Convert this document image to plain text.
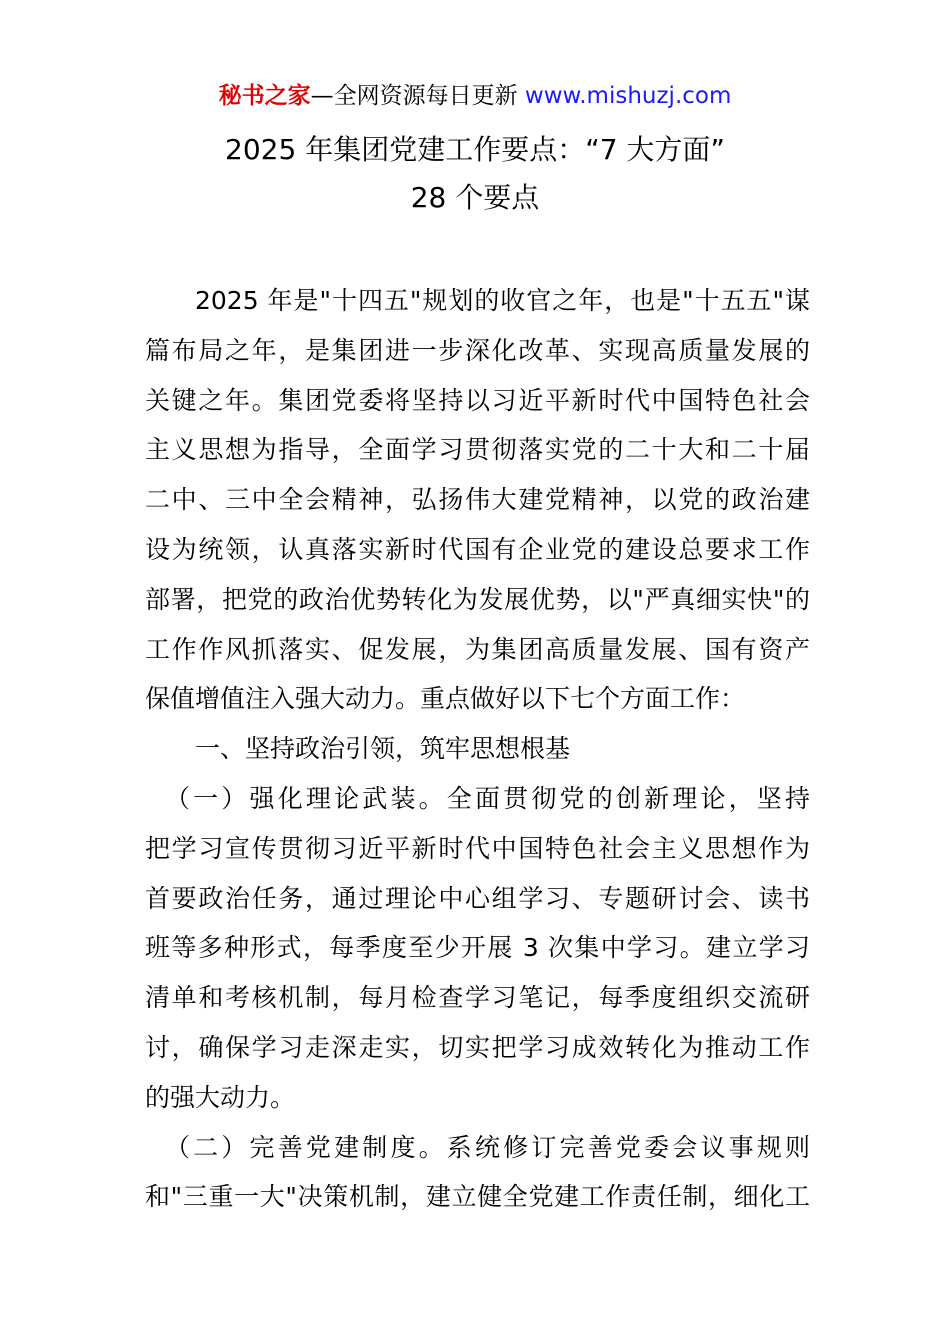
秘书之家—全网资源每日更新 www.mishuzj.com
2025 年集团党建工作要点：“7 大方面”
28 个要点
2025 年是"十四五"规划的收官之年，也是"十五五"谋
篇布局之年，是集团进一步深化改革、实现高质量发展的
关键之年。集团党委将坚持以习近平新时代中国特色社会
主义思想为指导，全面学习贯彻落实党的二十大和二十届
二中、三中全会精神，弘扬伟大建党精神，以党的政治建
设为统领，认真落实新时代国有企业党的建设总要求工作
部署，把党的政治优势转化为发展优势，以"严真细实快"的
工作作风抓落实、促发展，为集团高质量发展、国有资产
保值增值注入强大动力。重点做好以下七个方面工作：
一、坚持政治引领，筑牢思想根基
（一）强化理论武装。全面贯彻党的创新理论，坚持
把学习宣传贯彻习近平新时代中国特色社会主义思想作为
首要政治任务，通过理论中心组学习、专题研讨会、读书
班等多种形式，每季度至少开展 3 次集中学习。建立学习
清单和考核机制，每月检查学习笔记，每季度组织交流研
讨，确保学习走深走实，切实把学习成效转化为推动工作
的强大动力。
（二）完善党建制度。系统修订完善党委会议事规则
和"三重一大"决策机制，建立健全党建工作责任制，细化工
